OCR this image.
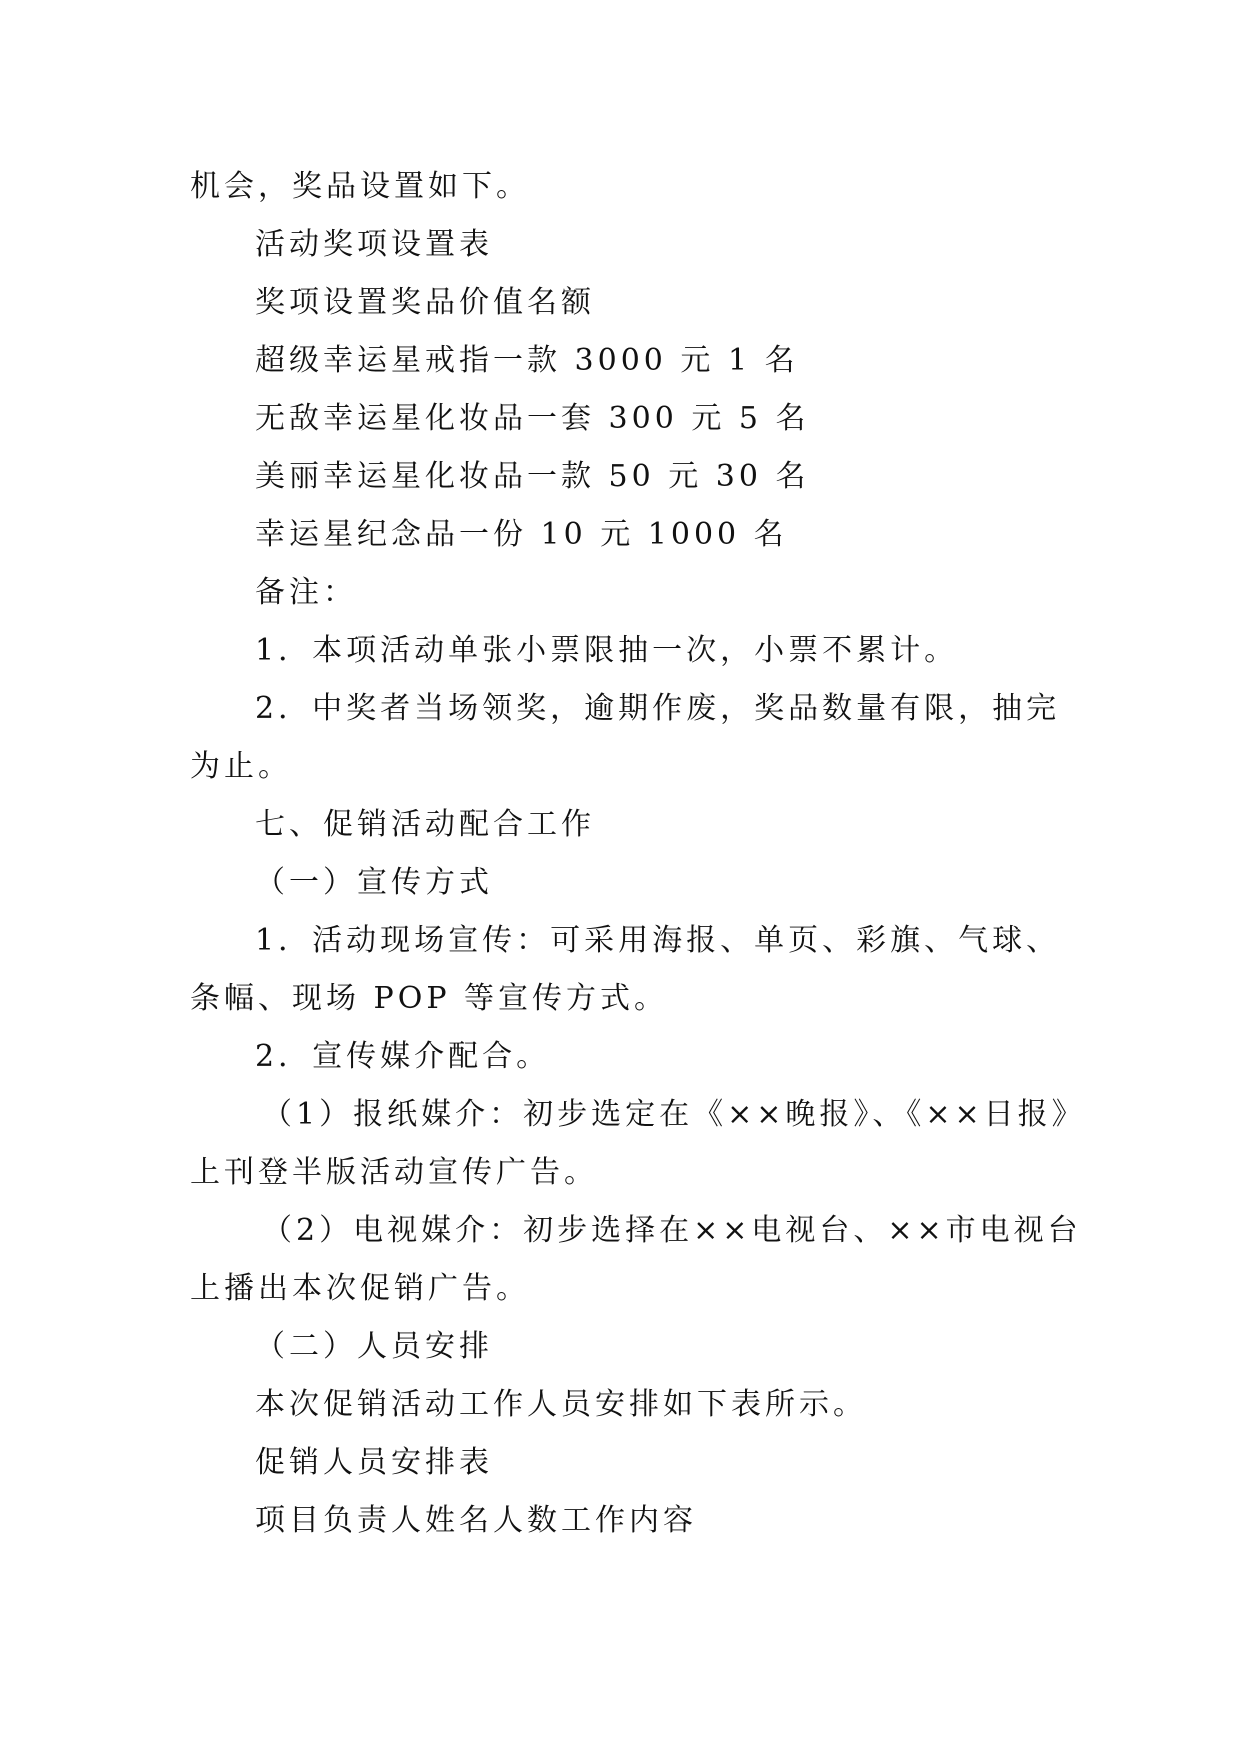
机会，奖品设置如下。
活动奖项设置表
奖项设置奖品价值名额
超级幸运星戒指一款 3000 元 1 名
无敌幸运星化妆品一套 300 元 5 名
美丽幸运星化妆品一款 50 元 30 名
幸运星纪念品一份 10 元 1000 名
备注：
1．本项活动单张小票限抽一次，小票不累计。
2．中奖者当场领奖，逾期作废，奖品数量有限，抽完
为止。
七、促销活动配合工作
（一）宣传方式
1．活动现场宣传：可采用海报、单页、彩旗、气球、
条幅、现场 POP 等宣传方式。
2．宣传媒介配合。
（1）报纸媒介：初步选定在《××晚报》、《××日报》
上刊登半版活动宣传广告。
（2）电视媒介：初步选择在××电视台、××市电视台
上播出本次促销广告。
（二）人员安排
本次促销活动工作人员安排如下表所示。
促销人员安排表
项目负责人姓名人数工作内容
